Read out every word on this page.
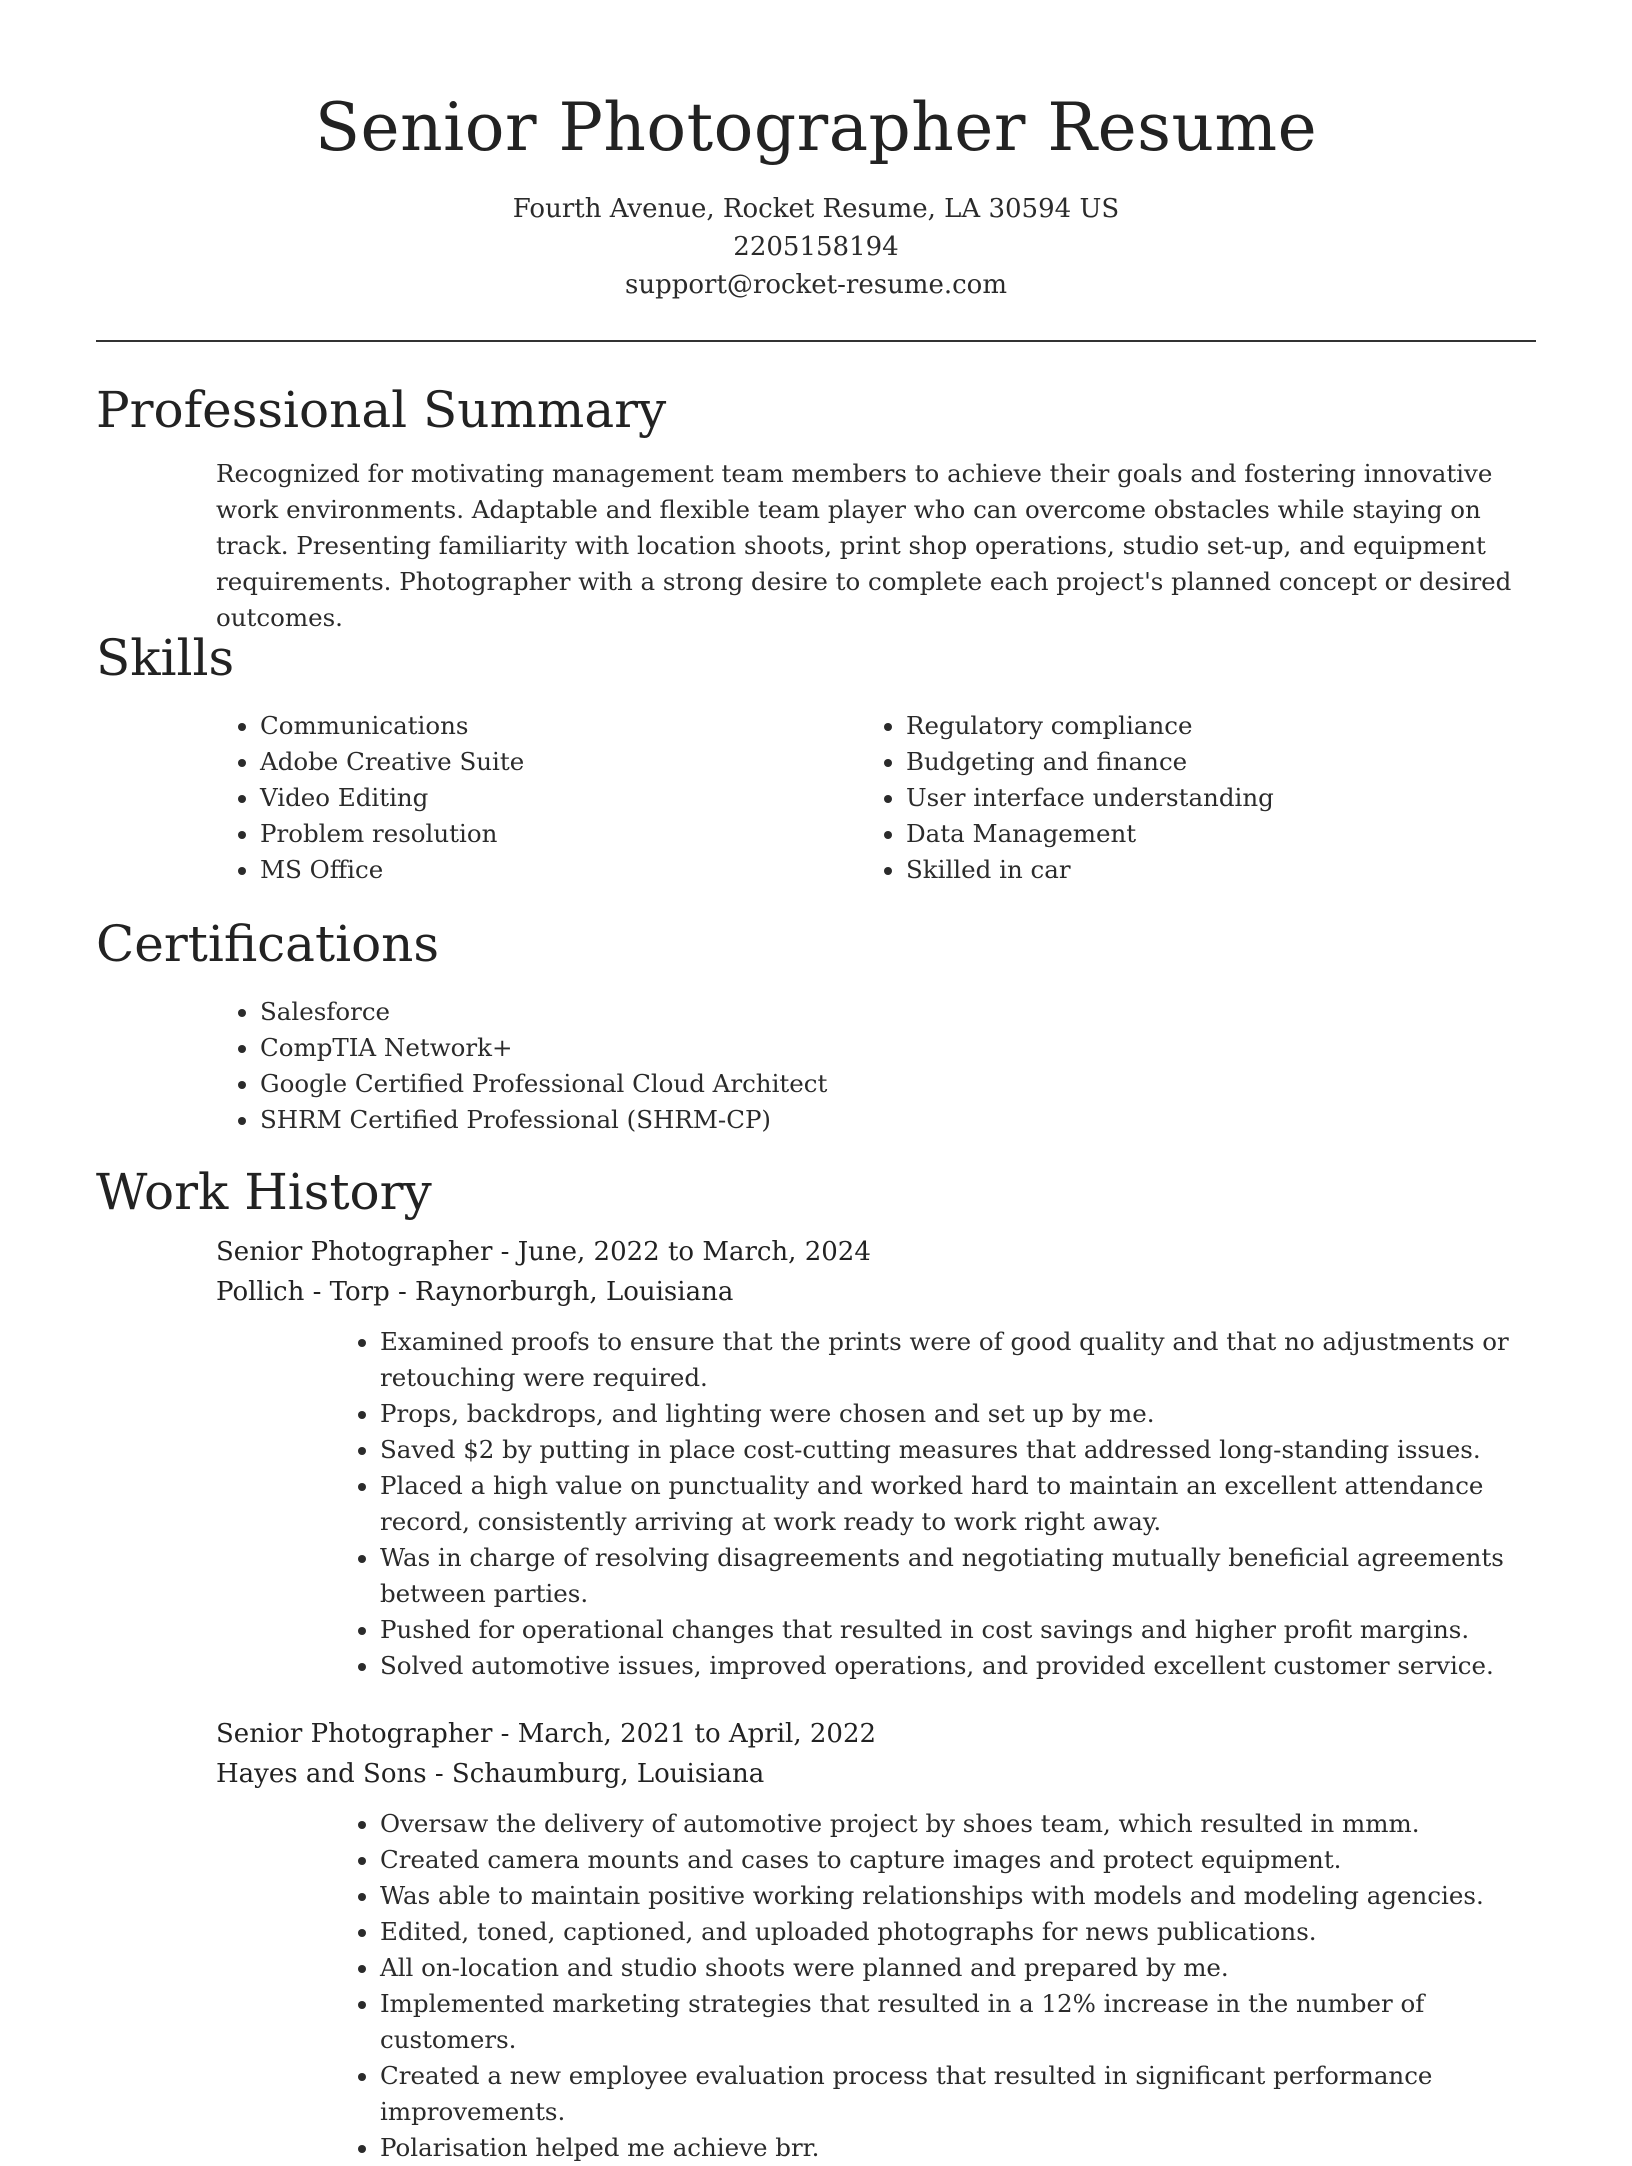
Senior Photographer Resume
Fourth Avenue, Rocket Resume, LA 30594 US
2205158194
support@rocket-resume.com
Professional Summary

Recognized for motivating management team members to achieve their goals and fostering innovative work environments. Adaptable and flexible team player who can overcome obstacles while staying on track. Presenting familiarity with location shoots, print shop operations, studio set-up, and equipment requirements. Photographer with a strong desire to complete each project's planned concept or desired outcomes.

Skills
• Communications
• Adobe Creative Suite
• Video Editing
• Problem resolution
• MS Office
• Regulatory compliance
• Budgeting and finance
• User interface understanding
• Data Management
• Skilled in car
Certifications
• Salesforce
• CompTIA Network+
• Google Certified Professional Cloud Architect
• SHRM Certified Professional (SHRM-CP)
Work History
Senior Photographer - June, 2022 to March, 2024
Pollich - Torp - Raynorburgh, Louisiana
• Examined proofs to ensure that the prints were of good quality and that no adjustments or retouching were required.
• Props, backdrops, and lighting were chosen and set up by me.
• Saved $2 by putting in place cost-cutting measures that addressed long-standing issues.
• Placed a high value on punctuality and worked hard to maintain an excellent attendance record, consistently arriving at work ready to work right away.
• Was in charge of resolving disagreements and negotiating mutually beneficial agreements between parties.
• Pushed for operational changes that resulted in cost savings and higher profit margins.
• Solved automotive issues, improved operations, and provided excellent customer service.
Senior Photographer - March, 2021 to April, 2022
Hayes and Sons - Schaumburg, Louisiana
• Oversaw the delivery of automotive project by shoes team, which resulted in mmm.
• Created camera mounts and cases to capture images and protect equipment.
• Was able to maintain positive working relationships with models and modeling agencies.
• Edited, toned, captioned, and uploaded photographs for news publications.
• All on-location and studio shoots were planned and prepared by me.
• Implemented marketing strategies that resulted in a 12% increase in the number of customers.
• Created a new employee evaluation process that resulted in significant performance improvements.
• Polarisation helped me achieve brr.
